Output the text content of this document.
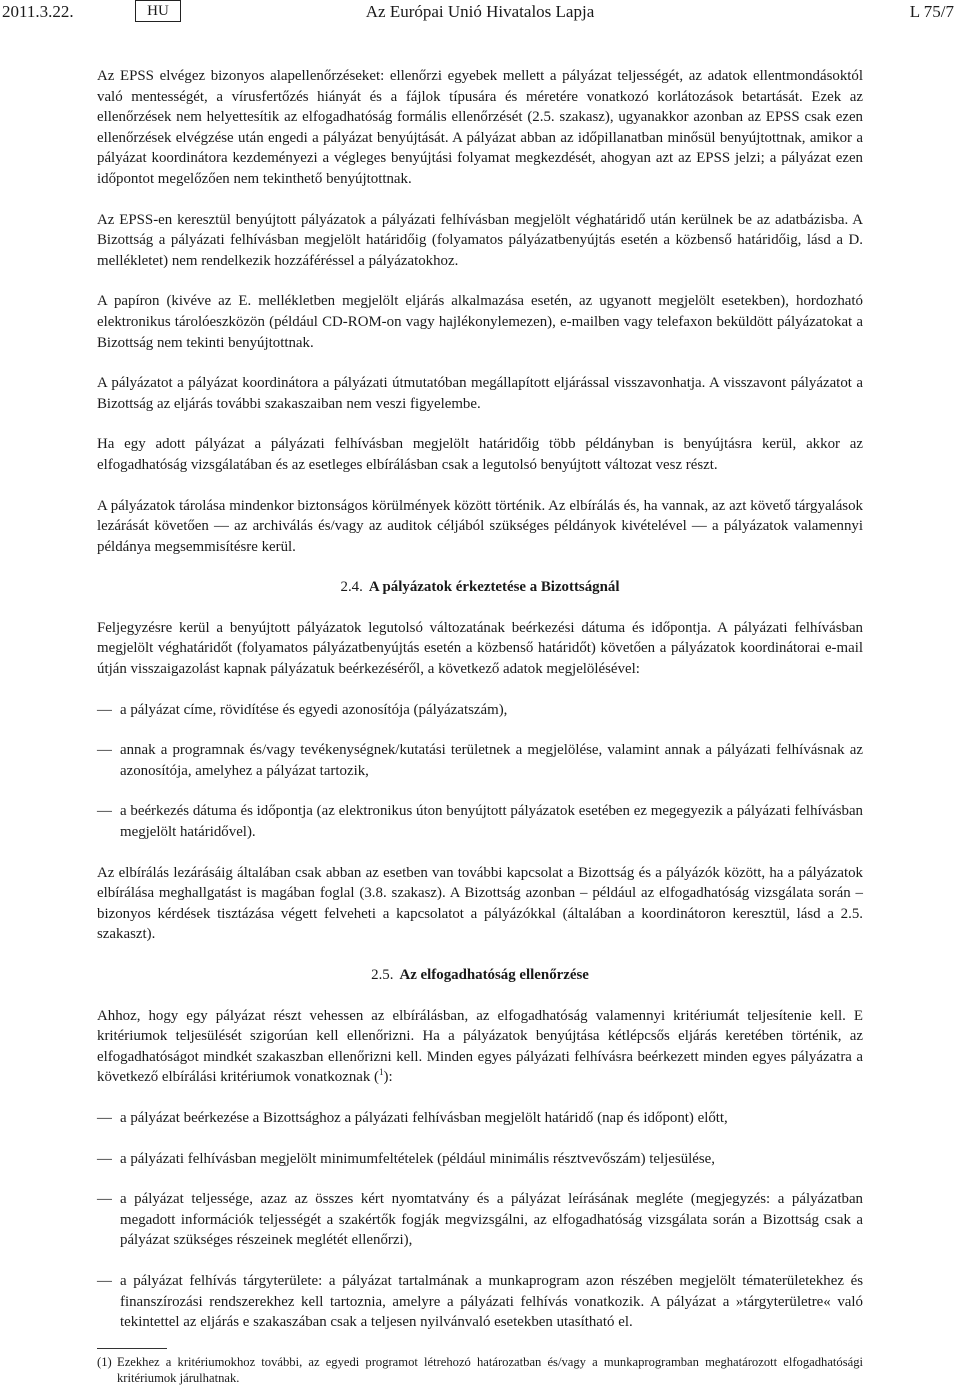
2011.3.22.	HU	Az Európai Unió Hivatalos Lapja	L 75/7

Az EPSS elvégez bizonyos alapellenőrzéseket: ellenőrzi egyebek mellett a pályázat teljességét, az adatok ellentmondásoktól való mentességét, a vírusfertőzés hiányát és a fájlok típusára és méretére vonatkozó korlátozások betartását. Ezek az ellenőrzések nem helyettesítik az elfogadhatóság formális ellenőrzését (2.5. szakasz), ugyanakkor azonban az EPSS csak ezen ellenőrzések elvégzése után engedi a pályázat benyújtását. A pályázat abban az időpillanatban minősül benyújtottnak, amikor a pályázat koordinátora kezdeményezi a végleges benyújtási folyamat megkezdését, ahogyan azt az EPSS jelzi; a pályázat ezen időpontot megelőzően nem tekinthető benyújtottnak.

Az EPSS-en keresztül benyújtott pályázatok a pályázati felhívásban megjelölt véghatáridő után kerülnek be az adatbázisba. A Bizottság a pályázati felhívásban megjelölt határidőig (folyamatos pályázatbenyújtás esetén a közbenső határidőig, lásd a D. mellékletet) nem rendelkezik hozzáféréssel a pályázatokhoz.

A papíron (kivéve az E. mellékletben megjelölt eljárás alkalmazása esetén, az ugyanott megjelölt esetekben), hordozható elektronikus tárolóeszközön (például CD-ROM-on vagy hajlékonylemezen), e-mailben vagy telefaxon beküldött pályázatokat a Bizottság nem tekinti benyújtottnak.

A pályázatot a pályázat koordinátora a pályázati útmutatóban megállapított eljárással visszavonhatja. A visszavont pályázatot a Bizottság az eljárás további szakaszaiban nem veszi figyelembe.

Ha egy adott pályázat a pályázati felhívásban megjelölt határidőig több példányban is benyújtásra kerül, akkor az elfogadhatóság vizsgálatában és az esetleges elbírálásban csak a legutolsó benyújtott változat vesz részt.

A pályázatok tárolása mindenkor biztonságos körülmények között történik. Az elbírálás és, ha vannak, az azt követő tárgyalások lezárását követően — az archiválás és/vagy az auditok céljából szükséges példányok kivételével — a pályázatok valamennyi példánya megsemmisítésre kerül.

2.4. A pályázatok érkeztetése a Bizottságnál

Feljegyzésre kerül a benyújtott pályázatok legutolsó változatának beérkezési dátuma és időpontja. A pályázati felhívásban megjelölt véghatáridőt (folyamatos pályázatbenyújtás esetén a közbenső határidőt) követően a pályázatok koordinátorai e-mail útján visszaigazolást kapnak pályázatuk beérkezéséről, a következő adatok megjelölésével:

— a pályázat címe, rövidítése és egyedi azonosítója (pályázatszám),
— annak a programnak és/vagy tevékenységnek/kutatási területnek a megjelölése, valamint annak a pályázati felhívásnak az azonosítója, amelyhez a pályázat tartozik,
— a beérkezés dátuma és időpontja (az elektronikus úton benyújtott pályázatok esetében ez megegyezik a pályázati felhívásban megjelölt határidővel).

Az elbírálás lezárásáig általában csak abban az esetben van további kapcsolat a Bizottság és a pályázók között, ha a pályázatok elbírálása meghallgatást is magában foglal (3.8. szakasz). A Bizottság azonban – például az elfogadhatóság vizsgálata során – bizonyos kérdések tisztázása végett felveheti a kapcsolatot a pályázókkal (általában a koordinátoron keresztül, lásd a 2.5. szakaszt).

2.5. Az elfogadhatóság ellenőrzése

Ahhoz, hogy egy pályázat részt vehessen az elbírálásban, az elfogadhatóság valamennyi kritériumát teljesítenie kell. E kritériumok teljesülését szigorúan kell ellenőrizni. Ha a pályázatok benyújtása kétlépcsős eljárás keretében történik, az elfogadhatóságot mindkét szakaszban ellenőrizni kell. Minden egyes pályázati felhívásra beérkezett minden egyes pályázatra a következő elbírálási kritériumok vonatkoznak ($^1$):

— a pályázat beérkezése a Bizottsághoz a pályázati felhívásban megjelölt határidő (nap és időpont) előtt,
— a pályázati felhívásban megjelölt minimumfeltételek (például minimális résztvevőszám) teljesülése,
— a pályázat teljessége, azaz az összes kért nyomtatvány és a pályázat leírásának megléte (megjegyzés: a pályázatban megadott információk teljességét a szakértők fogják megvizsgálni, az elfogadhatóság vizsgálata során a Bizottság csak a pályázat szükséges részeinek meglétét ellenőrzi),
— a pályázat felhívás tárgyterülete: a pályázat tartalmának a munkaprogram azon részében megjelölt tématerületekhez és finanszírozási rendszerekhez kell tartoznia, amelyre a pályázati felhívás vonatkozik. A pályázat a »tárgyterületre« való tekintettel az eljárás e szakaszában csak a teljesen nyilvánvaló esetekben utasítható el.
(1) Ezekhez a kritériumokhoz további, az egyedi programot létrehozó határozatban és/vagy a munkaprogramban meghatározott elfogadhatósági kritériumok járulhatnak.
